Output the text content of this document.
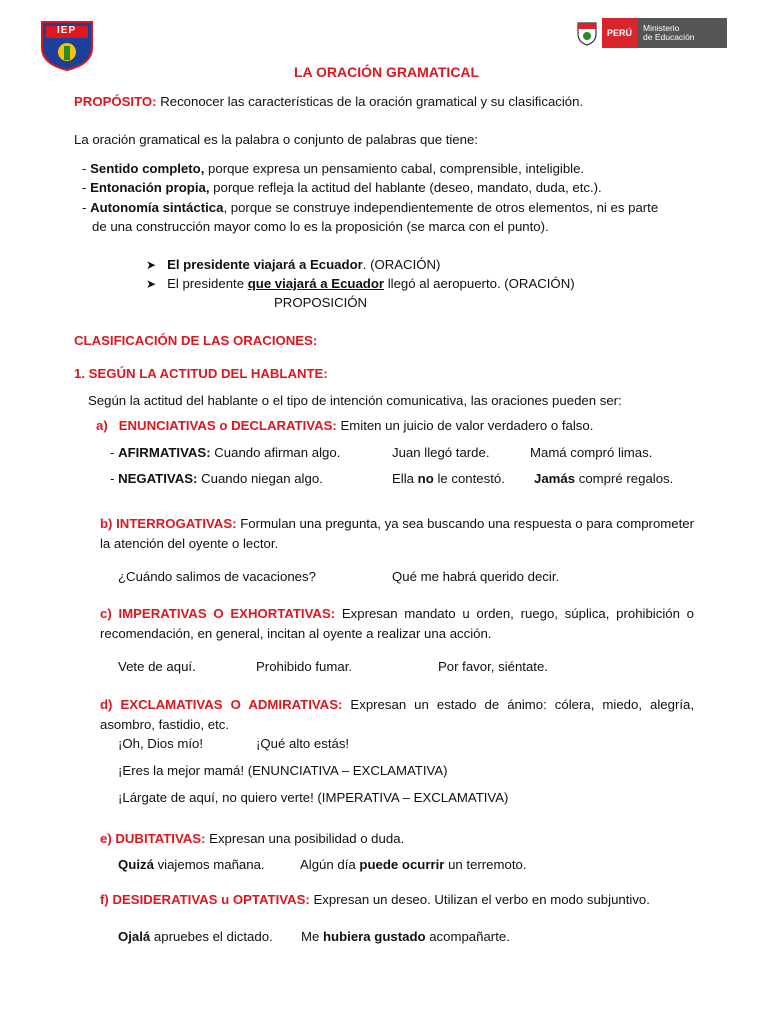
IEP	PERÚ	Ministerio
de Educación
LA ORACIÓN GRAMATICAL
PROPÓSITO: Reconocer las características de la oración gramatical y su clasificación.
La oración gramatical es la palabra o conjunto de palabras que tiene:
- Sentido completo, porque expresa un pensamiento cabal, comprensible, inteligible.
- Entonación propia, porque refleja la actitud del hablante (deseo, mandato, duda, etc.).
- Autonomía sintáctica, porque se construye independientemente de otros elementos, ni es parte
de una construcción mayor como lo es la proposición (se marca con el punto).
➤ El presidente viajará a Ecuador. (ORACIÓN)
➤ El presidente que viajará a Ecuador llegó al aeropuerto. (ORACIÓN)
PROPOSICIÓN
CLASIFICACIÓN DE LAS ORACIONES:
1. SEGÚN LA ACTITUD DEL HABLANTE:
Según la actitud del hablante o el tipo de intención comunicativa, las oraciones pueden ser:
a) ENUNCIATIVAS o DECLARATIVAS: Emiten un juicio de valor verdadero o falso.
- AFIRMATIVAS: Cuando afirman algo.	Juan llegó tarde.	Mamá compró limas.
- NEGATIVAS: Cuando niegan algo.	Ella no le contestó. Jamás compré regalos.
b) INTERROGATIVAS: Formulan una pregunta, ya sea buscando una respuesta o para comprometer la atención del oyente o lector.
¿Cuándo salimos de vacaciones?	Qué me habrá querido decir.
c) IMPERATIVAS O EXHORTATIVAS: Expresan mandato u orden, ruego, súplica, prohibición o recomendación, en general, incitan al oyente a realizar una acción.
Vete de aquí.	Prohibido fumar.	Por favor, siéntate.
d) EXCLAMATIVAS O ADMIRATIVAS: Expresan un estado de ánimo: cólera, miedo, alegría, asombro, fastidio, etc.
¡Oh, Dios mío!	¡Qué alto estás!
¡Eres la mejor mamá! (ENUNCIATIVA – EXCLAMATIVA)
¡Lárgate de aquí, no quiero verte! (IMPERATIVA – EXCLAMATIVA)
e) DUBITATIVAS: Expresan una posibilidad o duda.
Quizá viajemos mañana.	Algún día puede ocurrir un terremoto.
f) DESIDERATIVAS u OPTATIVAS: Expresan un deseo. Utilizan el verbo en modo subjuntivo.
Ojalá apruebes el dictado. Me hubiera gustado acompañarte.
